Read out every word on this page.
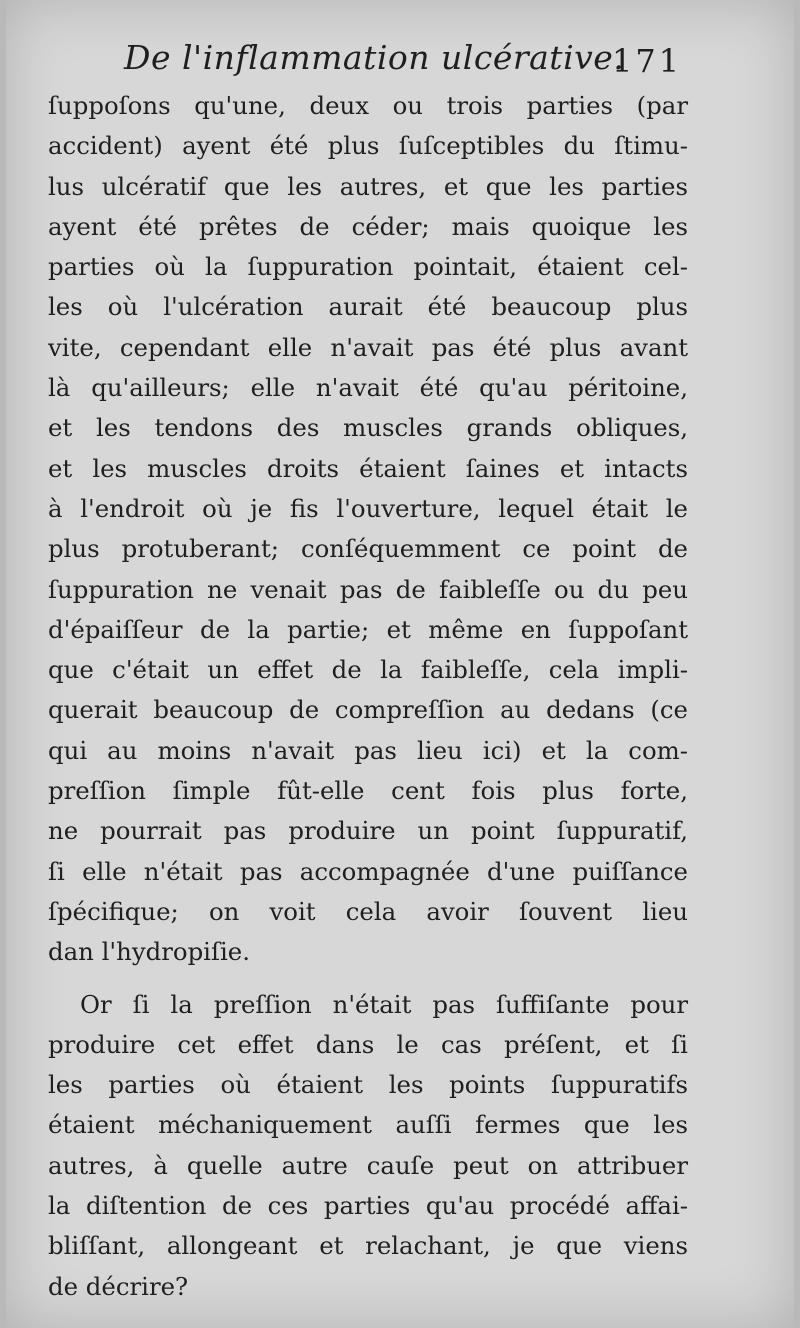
De l'inflammation ulcérative.
171
ſuppoſons qu'une, deux ou trois parties (par
accident) ayent été plus ſuſceptibles du ſtimu-
lus ulcératif que les autres, et que les parties
ayent été prêtes de céder; mais quoique les
parties où la ſuppuration pointait, étaient cel-
les où l'ulcération aurait été beaucoup plus
vite, cependant elle n'avait pas été plus avant
là qu'ailleurs; elle n'avait été qu'au péritoine,
et les tendons des muscles grands obliques,
et les muscles droits étaient ſaines et intacts
à l'endroit où je fis l'ouverture, lequel était le
plus protuberant; conſéquemment ce point de
ſuppuration ne venait pas de faibleſſe ou du peu
d'épaiſſeur de la partie; et même en ſuppoſant
que c'était un effet de la faibleſſe, cela impli-
querait beaucoup de compreſſion au dedans (ce
qui au moins n'avait pas lieu ici) et la com-
preſſion ſimple fût-elle cent fois plus forte,
ne pourrait pas produire un point ſuppuratif,
ſi elle n'était pas accompagnée d'une puiſſance
ſpécifique; on voit cela avoir ſouvent lieu
dan l'hydropiſie.
Or ſi la preſſion n'était pas ſuffiſante pour
produire cet effet dans le cas préſent, et ſi
les parties où étaient les points ſuppuratifs
étaient méchaniquement auſſi fermes que les
autres, à quelle autre cauſe peut on attribuer
la diſtention de ces parties qu'au procédé affai-
bliſſant, allongeant et relachant, je que viens
de décrire?
